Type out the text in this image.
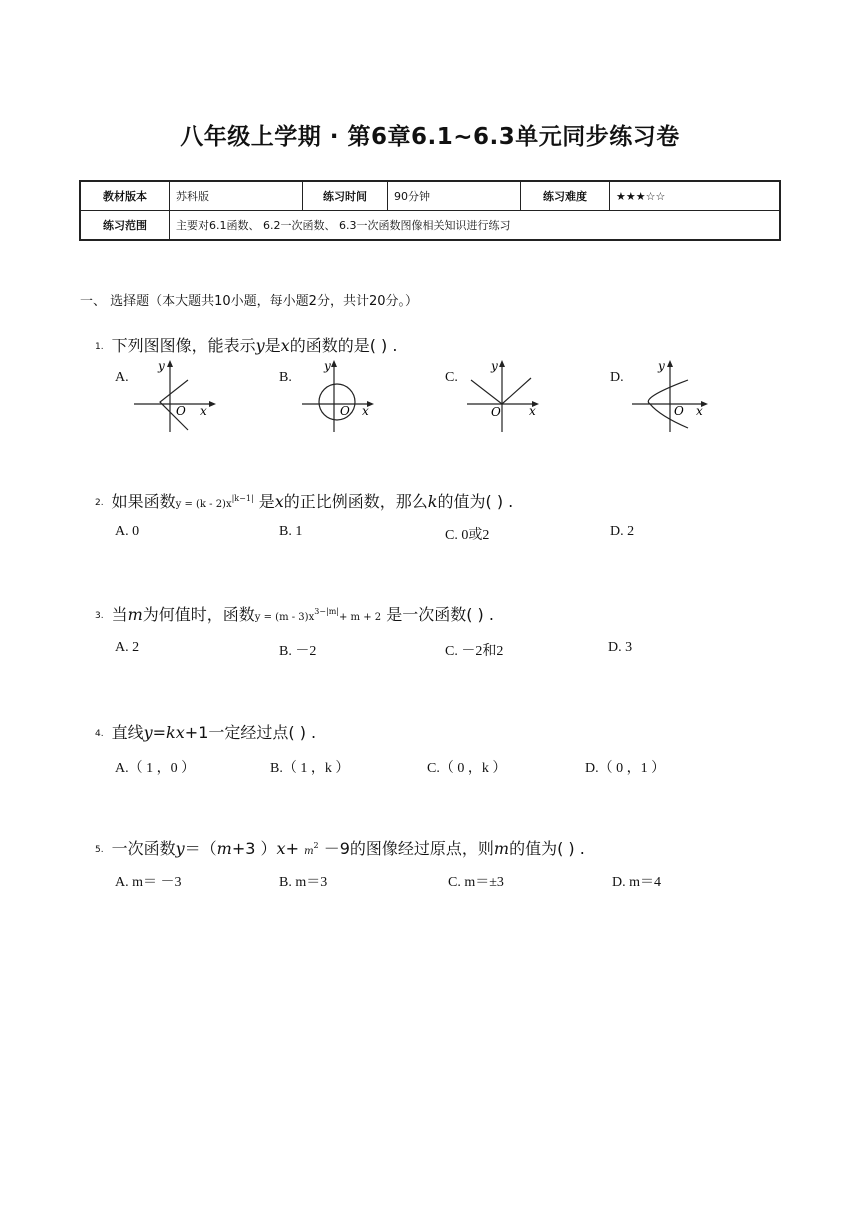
八年级上学期 · 第6章6.1~6.3单元同步练习卷
教材版本	苏科版	练习时间	90分钟	练习难度	★★★☆☆
练习范围	主要对6.1函数、 6.2一次函数、 6.3一次函数图像相关知识进行练习				
一、 选择题（本大题共10小题，每小题2分，共计20分。）
1. 下列图图像，能表示y是x的函数的是( ) .
A.	B.	C.	D.
O x
y
O x
y
O x
y
O x
y
2. 如果函数$y = (k - 2)x^{|k-1|}$ 是x的正比例函数，那么k的值为( ) .
A. 0	B. 1	C. 0或2	D. 2
3. 当m为何值时，函数$y = (m - 3)x^{3-|m|}+ m + 2$ 是一次函数( ) .
A. 2	B. －2	C. －2和2	D. 3
4. 直线y=kx+1一定经过点( ) .
A.（ 1 ，0 ）	B.（ 1 ，k ）	C.（ 0 ，k ）	D.（ 0 ，1 ）
5. 一次函数y＝（m+3 ）$x+ m^2 -9$的图像经过原点，则m的值为( ) .
A. m＝ －3	B. m＝3	C. m＝±3	D. m＝4
